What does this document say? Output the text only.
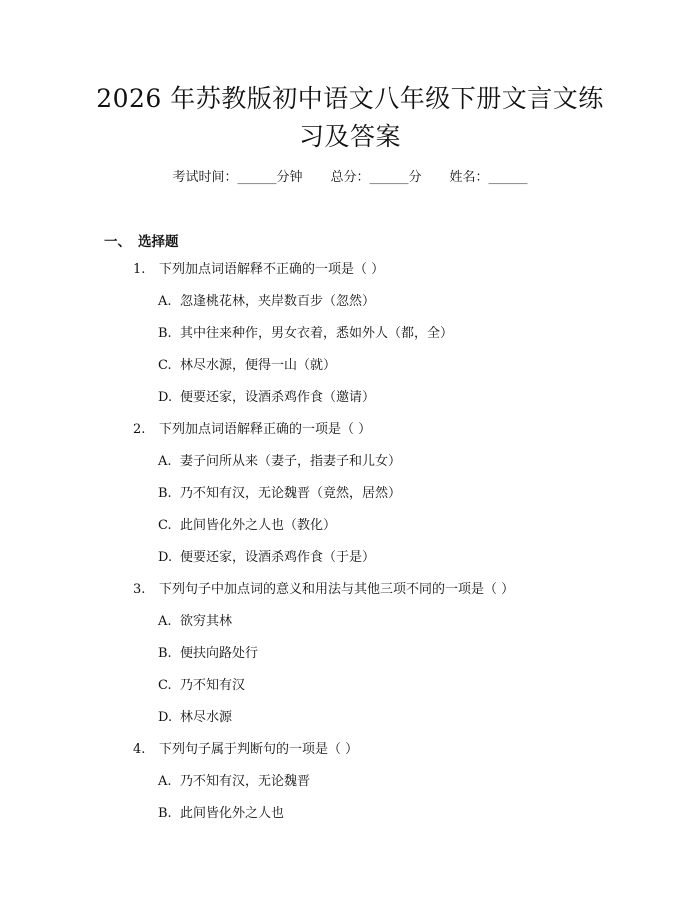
2026 年苏教版初中语文八年级下册文言文练
习及答案
考试时间：______分钟 总分：______分 姓名：______
一、 选择题
1. 下列加点词语解释不正确的一项是（ ）
A. 忽逢桃花林，夹岸数百步（忽然）
B. 其中往来种作，男女衣着，悉如外人（都，全）
C. 林尽水源，便得一山（就）
D. 便要还家，设酒杀鸡作食（邀请）
2. 下列加点词语解释正确的一项是（ ）
A. 妻子问所从来（妻子，指妻子和儿女）
B. 乃不知有汉，无论魏晋（竟然，居然）
C. 此间皆化外之人也（教化）
D. 便要还家，设酒杀鸡作食（于是）
3. 下列句子中加点词的意义和用法与其他三项不同的一项是（ ）
A. 欲穷其林
B. 便扶向路处行
C. 乃不知有汉
D. 林尽水源
4. 下列句子属于判断句的一项是（ ）
A. 乃不知有汉，无论魏晋
B. 此间皆化外之人也
